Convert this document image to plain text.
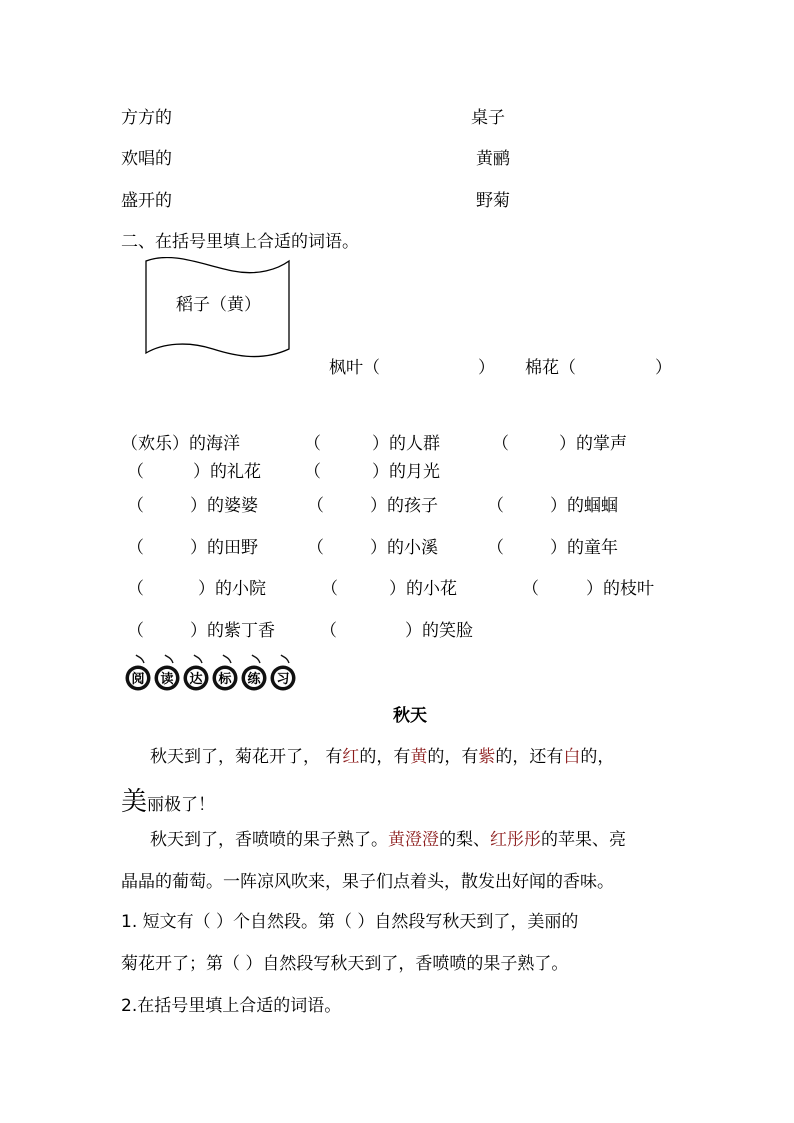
方方的	桌子
欢唱的	黄鹂
盛开的	野菊
二、在括号里填上合适的词语。
稻子（黄）
枫叶（	） 棉花（	）
（欢乐）的海洋	（	）的人群	（	）的掌声
（	）的礼花	（	）的月光
（	）的婆婆	（	）的孩子	（	）的蝈蝈
（	）的田野	（	）的小溪	（	）的童年
（	）的小院	（	）的小花	（	）的枝叶
（	）的紫丁香	（	）的笑脸
阅 读 达 标 练 习
秋天
秋天到了，菊花开了， 有红的，有黄的，有紫的，还有白的，
美丽极了！
秋天到了，香喷喷的果子熟了。黄澄澄的梨、红彤彤的苹果、亮
晶晶的葡萄。一阵凉风吹来，果子们点着头，散发出好闻的香味。
1. 短文有（ ）个自然段。第（ ）自然段写秋天到了，美丽的
菊花开了；第（ ）自然段写秋天到了，香喷喷的果子熟了。
2.在括号里填上合适的词语。
